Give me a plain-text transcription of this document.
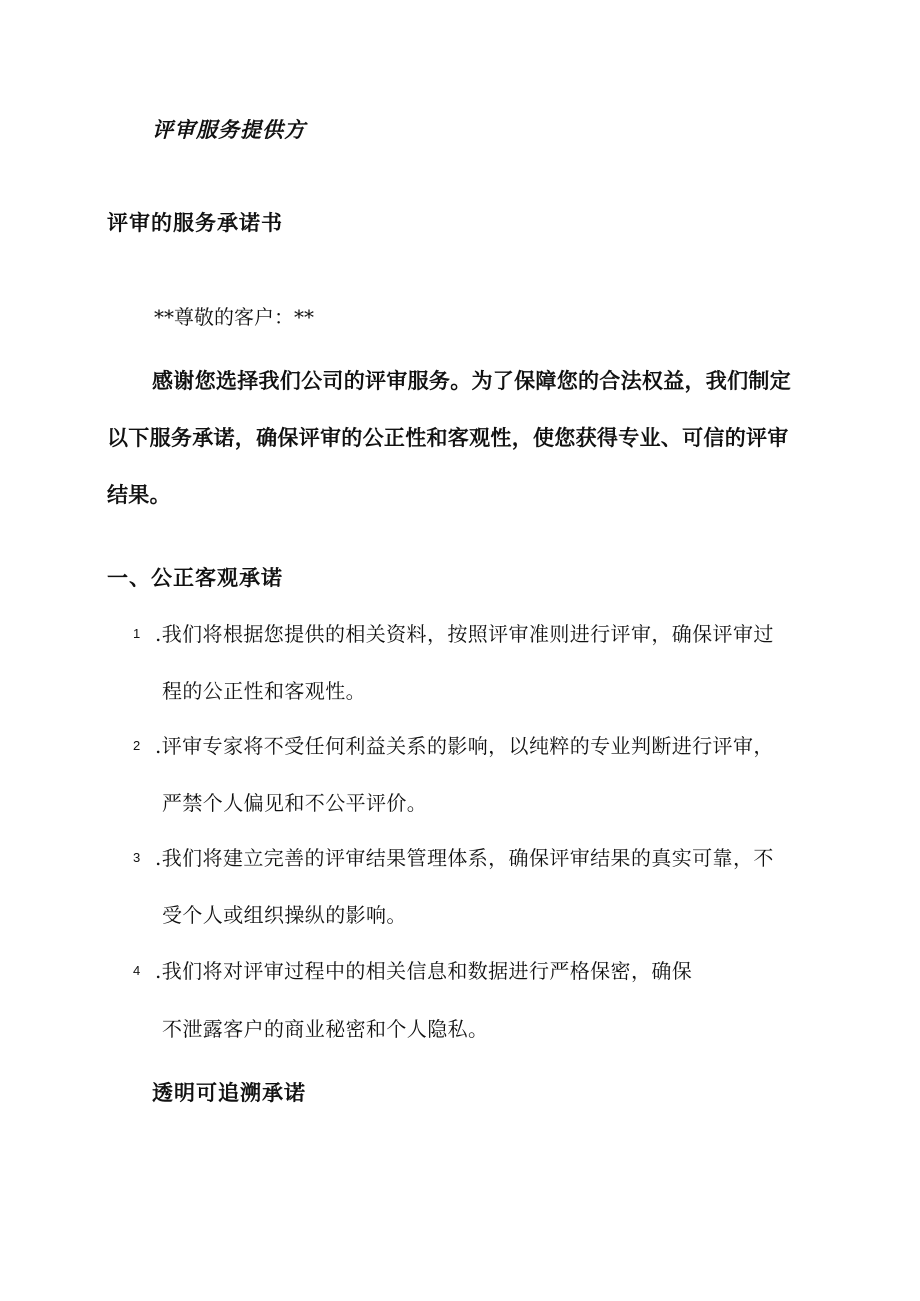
评审服务提供方
评审的服务承诺书
**尊敬的客户：**
感谢您选择我们公司的评审服务。为了保障您的合法权益，我们制定
以下服务承诺，确保评审的公正性和客观性，使您获得专业、可信的评审
结果。
一、公正客观承诺
1 .我们将根据您提供的相关资料，按照评审准则进行评审，确保评审过
程的公正性和客观性。
2 .评审专家将不受任何利益关系的影响，以纯粹的专业判断进行评审，
严禁个人偏见和不公平评价。
3 .我们将建立完善的评审结果管理体系，确保评审结果的真实可靠，不
受个人或组织操纵的影响。
4 .我们将对评审过程中的相关信息和数据进行严格保密，确保
不泄露客户的商业秘密和个人隐私。
透明可追溯承诺
